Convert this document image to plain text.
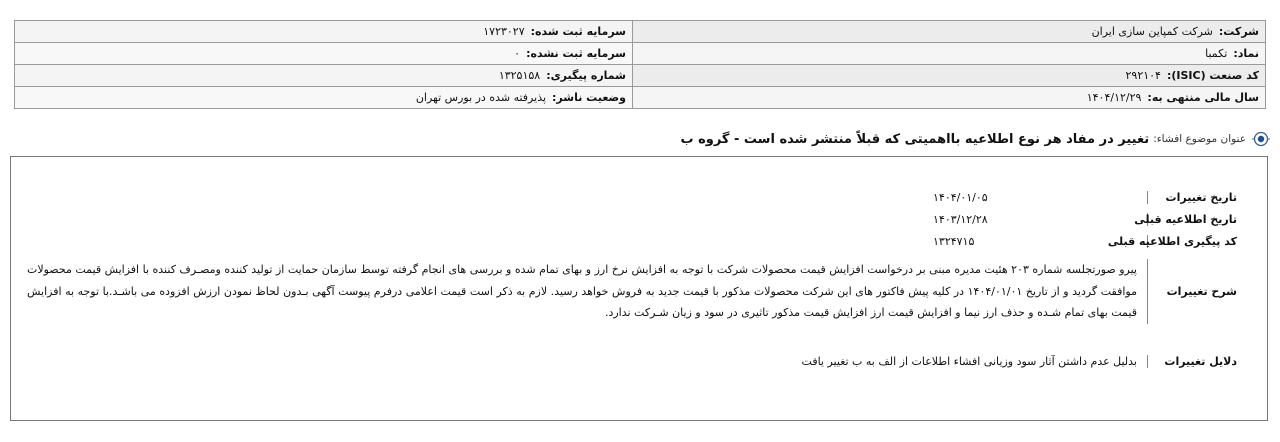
شرکت:شرکت کمپاین سازی ایران	سرمایه ثبت شده:۱۷۲۳۰۲۷
نماد:تکمبا	سرمایه ثبت نشده:۰
کد صنعت (ISIC):۲۹۲۱۰۴	شماره پیگیری:۱۳۲۵۱۵۸
سال مالی منتهی به:۱۴۰۴/۱۲/۲۹	وضعیت ناشر:پذیرفته شده در بورس تهران
عنوان موضوع افشاء:
تغییر در مفاد هر نوع اطلاعیه بااهمیتی که قبلاً منتشر شده است - گروه ب
تاریخ تغییرات
۱۴۰۴/۰۱/۰۵
تاریخ اطلاعیه قبلی
۱۴۰۳/۱۲/۲۸
کد پیگیری اطلاعیه قبلی
۱۳۲۴۷۱۵
شرح تغییرات
پیرو صورتجلسه شماره ۲۰۳ هئیت مدیره مبنی بر درخواست افزایش قیمت محصولات شرکت با توجه به افزایش نرخ ارز و بهای تمام شده و بررسی های انجام گرفته توسط سازمان حمایت از تولید کننده ومصـرف کننده با افزایش قیمت محصولات موافقت گردید و از تاریخ ۱۴۰۴/۰۱/۰۱ در کلیه پیش فاکتور های این شرکت محصولات مذکور با قیمت جدید به فروش خواهد رسید. لازم به ذکر است قیمت اعلامی درفرم پیوست آگهی بـدون لحاظ نمودن ارزش افزوده می باشـد.با توجه به افزایش قیمت بهای تمام شـده و حذف ارز نیما و افزایش قیمت ارز افزایش قیمت مذکور تاثیری در سود و زیان شـرکت ندارد.
دلایل تغییرات
بدلیل عدم داشتن آثار سود وزیانی افشاء اطلاعات از الف به ب تغییر یافت
